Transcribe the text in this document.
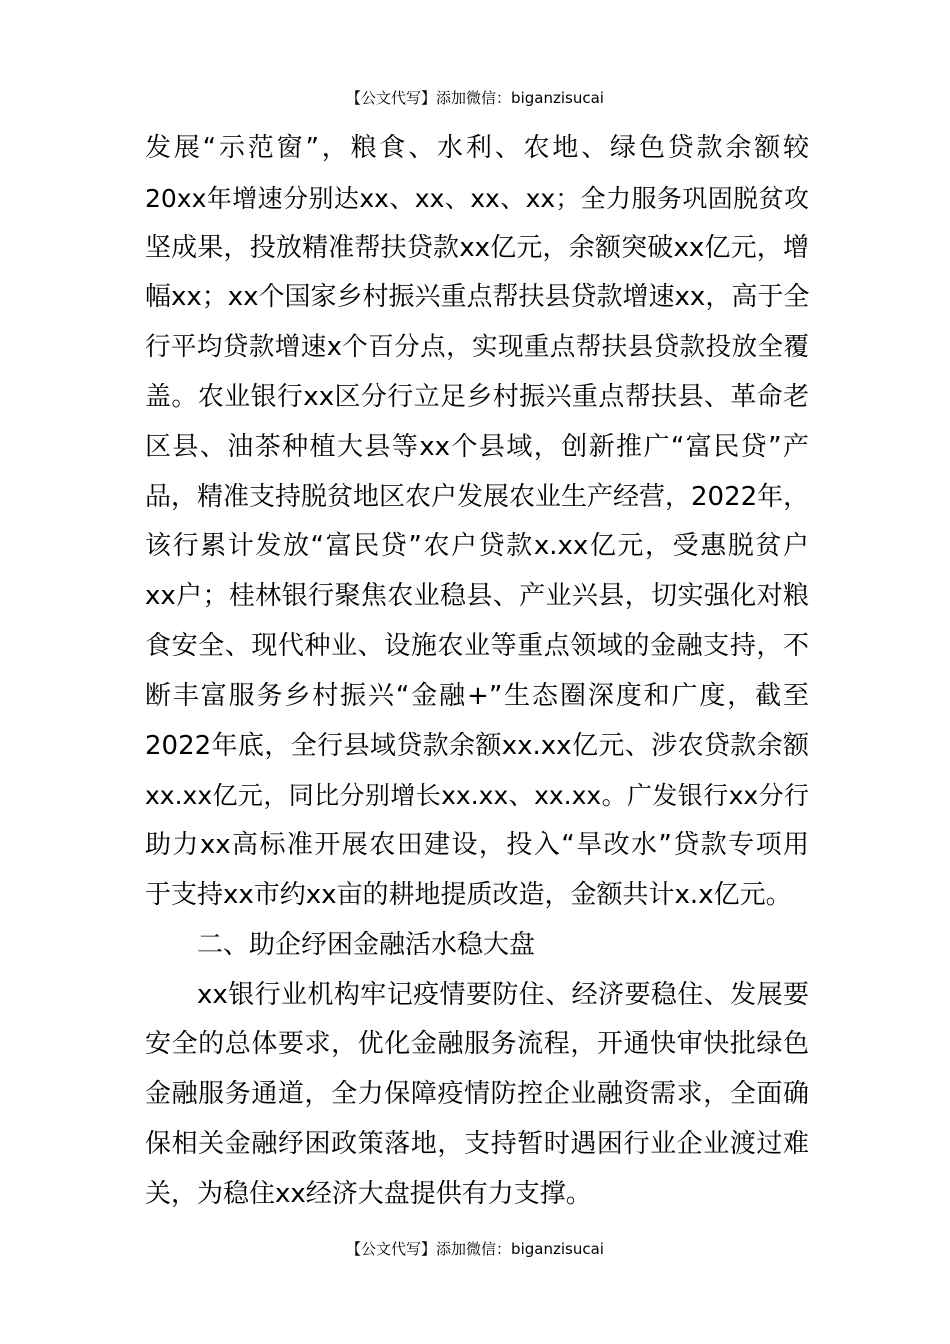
【公文代写】添加微信：biganzisucai
发展“示范窗”，粮食、水利、农地、绿色贷款余额较
20xx年增速分别达xx、xx、xx、xx；全力服务巩固脱贫攻
坚成果，投放精准帮扶贷款xx亿元，余额突破xx亿元，增
幅xx；xx个国家乡村振兴重点帮扶县贷款增速xx，高于全
行平均贷款增速x个百分点，实现重点帮扶县贷款投放全覆
盖。农业银行xx区分行立足乡村振兴重点帮扶县、革命老
区县、油茶种植大县等xx个县域，创新推广“富民贷”产
品，精准支持脱贫地区农户发展农业生产经营，2022年，
该行累计发放“富民贷”农户贷款x.xx亿元，受惠脱贫户
xx户；桂林银行聚焦农业稳县、产业兴县，切实强化对粮
食安全、现代种业、设施农业等重点领域的金融支持，不
断丰富服务乡村振兴“金融+”生态圈深度和广度，截至
2022年底，全行县域贷款余额xx.xx亿元、涉农贷款余额
xx.xx亿元，同比分别增长xx.xx、xx.xx。广发银行xx分行
助力xx高标准开展农田建设，投入“旱改水”贷款专项用
于支持xx市约xx亩的耕地提质改造，金额共计x.x亿元。
二、助企纾困金融活水稳大盘
xx银行业机构牢记疫情要防住、经济要稳住、发展要
安全的总体要求，优化金融服务流程，开通快审快批绿色
金融服务通道，全力保障疫情防控企业融资需求，全面确
保相关金融纾困政策落地，支持暂时遇困行业企业渡过难
关，为稳住xx经济大盘提供有力支撑。
【公文代写】添加微信：biganzisucai
